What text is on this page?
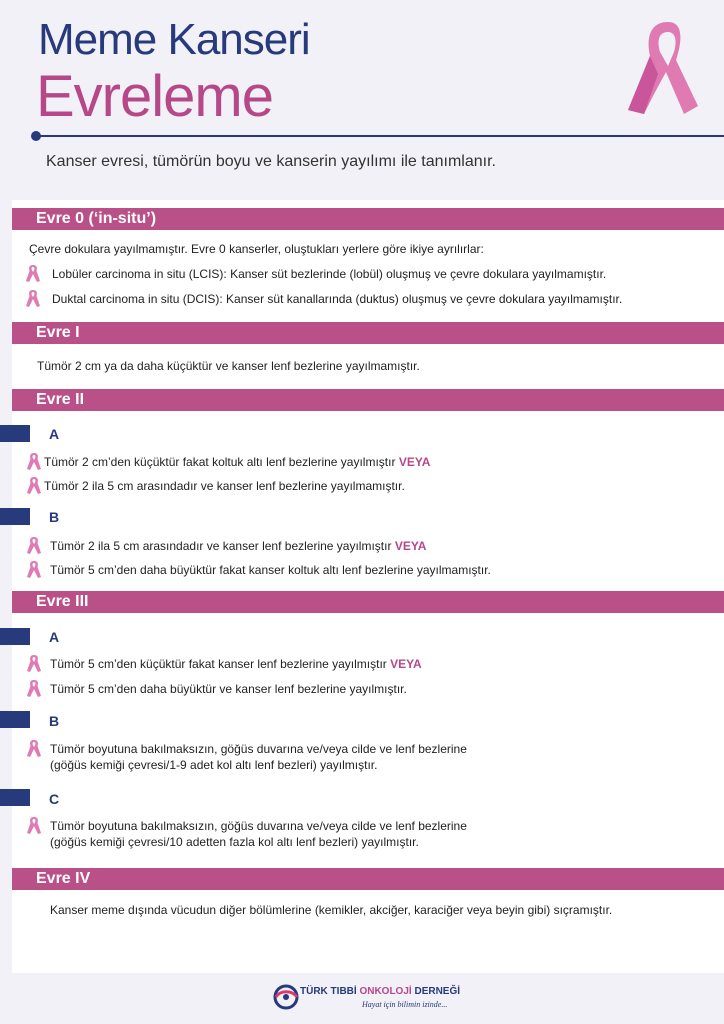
Meme Kanseri
Evreleme
Kanser evresi, tümörün boyu ve kanserin yayılımı ile tanımlanır.
Evre 0 (‘in-situ’)
Çevre dokulara yayılmamıştır. Evre 0 kanserler, oluştukları yerlere göre ikiye ayrılırlar:
Lobüler carcinoma in situ (LCIS): Kanser süt bezlerinde (lobül) oluşmuş ve çevre dokulara yayılmamıştır.
Duktal carcinoma in situ (DCIS): Kanser süt kanallarında (duktus) oluşmuş ve çevre dokulara yayılmamıştır.
Evre I
Tümör 2 cm ya da daha küçüktür ve kanser lenf bezlerine yayılmamıştır.
Evre II
A
Tümör 2 cm’den küçüktür fakat koltuk altı lenf bezlerine yayılmıştır VEYA
Tümör 2 ila 5 cm arasındadır ve kanser lenf bezlerine yayılmamıştır.
B
Tümör 2 ila 5 cm arasındadır ve kanser lenf bezlerine yayılmıştır VEYA
Tümör 5 cm’den daha büyüktür fakat kanser koltuk altı lenf bezlerine yayılmamıştır.
Evre III
A
Tümör 5 cm’den küçüktür fakat kanser lenf bezlerine yayılmıştır VEYA
Tümör 5 cm’den daha büyüktür ve kanser lenf bezlerine yayılmıştır.
B
Tümör boyutuna bakılmaksızın, göğüs duvarına ve/veya cilde ve lenf bezlerine
(göğüs kemiği çevresi/1-9 adet kol altı lenf bezleri) yayılmıştır.
C
Tümör boyutuna bakılmaksızın, göğüs duvarına ve/veya cilde ve lenf bezlerine
(göğüs kemiği çevresi/10 adetten fazla kol altı lenf bezleri) yayılmıştır.
Evre IV
Kanser meme dışında vücudun diğer bölümlerine (kemikler, akciğer, karaciğer veya beyin gibi) sıçramıştır.
TÜRK TIBBİ ONKOLOJİ DERNEĞİ
Hayat için bilimin izinde...
